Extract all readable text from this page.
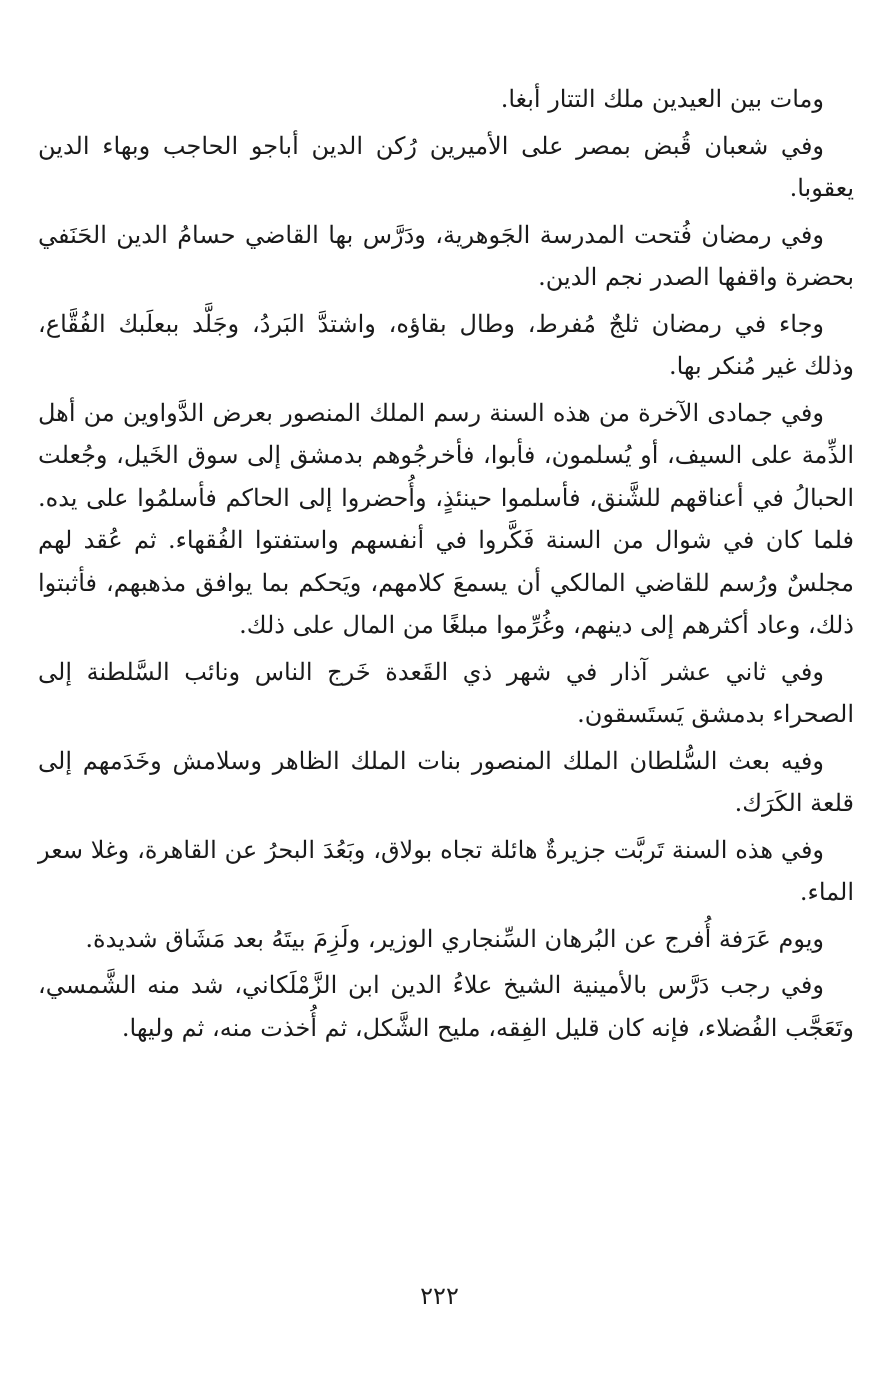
ومات بين العيدين ملك التتار أبغا.

وفي شعبان قُبض بمصر على الأميرين رُكن الدين أباجو الحاجب وبهاء الدين يعقوبا.

وفي رمضان فُتحت المدرسة الجَوهرية، ودَرَّس بها القاضي حسامُ الدين الحَنَفي بحضرة واقفها الصدر نجم الدين.

وجاء في رمضان ثلجٌ مُفرط، وطال بقاؤه، واشتدَّ البَردُ، وجَلَّد ببعلَبك الفُقَّاع، وذلك غير مُنكر بها.

وفي جمادى الآخرة من هذه السنة رسم الملك المنصور بعرض الدَّواوين من أهل الذِّمة على السيف، أو يُسلمون، فأبوا، فأخرجُوهم بدمشق إلى سوق الخَيل، وجُعلت الحبالُ في أعناقهم للشَّنق، فأسلموا حينئذٍ، وأُحضروا إلى الحاكم فأسلمُوا على يده. فلما كان في شوال من السنة فَكَّروا في أنفسهم واستفتوا الفُقهاء. ثم عُقد لهم مجلسٌ ورُسم للقاضي المالكي أن يسمعَ كلامهم، ويَحكم بما يوافق مذهبهم، فأثبتوا ذلك، وعاد أكثرهم إلى دينهم، وغُرِّموا مبلغًا من المال على ذلك.

وفي ثاني عشر آذار في شهر ذي القَعدة خَرج الناس ونائب السَّلطنة إلى الصحراء بدمشق يَستَسقون.

وفيه بعث السُّلطان الملك المنصور بنات الملك الظاهر وسلامش وخَدَمهم إلى قلعة الكَرَك.

وفي هذه السنة تَربَّت جزيرةٌ هائلة تجاه بولاق، وبَعُدَ البحرُ عن القاهرة، وغلا سعر الماء.

ويوم عَرَفة أُفرج عن البُرهان السِّنجاري الوزير، ولَزِمَ بيتَهُ بعد مَشَاق شديدة.

وفي رجب دَرَّس بالأمينية الشيخ علاءُ الدين ابن الزَّمْلَكاني، شد منه الشَّمسي، وتَعَجَّب الفُضلاء، فإنه كان قليل الفِقه، مليح الشَّكل، ثم أُخذت منه، ثم وليها.

٢٢٢
